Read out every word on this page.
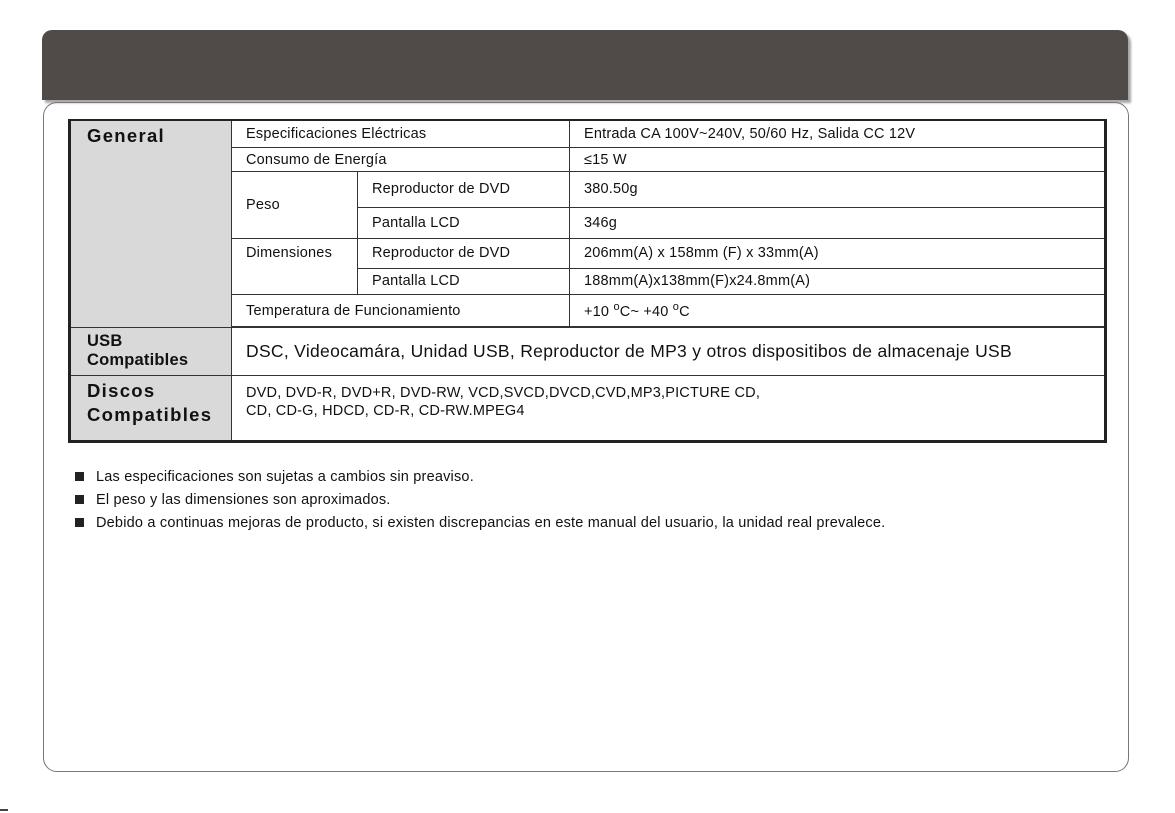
General	Especificaciones Eléctricas		Entrada CA 100V~240V, 50/60 Hz, Salida CC 12V
	Consumo de Energía		≤15 W
	Peso	Reproductor de DVD	380.50g
		Pantalla LCD	346g
	Dimensiones	Reproductor de DVD	206mm(A) x 158mm (F) x 33mm(A)
		Pantalla LCD	188mm(A)x138mm(F)x24.8mm(A)
	Temperatura de Funcionamiento		+10 $^o$C~ +40 $^o$C

USB
Compatibles	DSC, Videocamára, Unidad USB, Reproductor de MP3 y otros dispositibos de almacenaje USB		

Discos
Compatibles	DVD, DVD-R, DVD+R, DVD-RW, VCD,SVCD,DVCD,CVD,MP3,PICTURE CD,
CD, CD-G, HDCD, CD-R, CD-RW.MPEG4		
Las especificaciones son sujetas a cambios sin preaviso.
El peso y las dimensiones son aproximados.
Debido a continuas mejoras de producto, si existen discrepancias en este manual del usuario, la unidad real prevalece.
